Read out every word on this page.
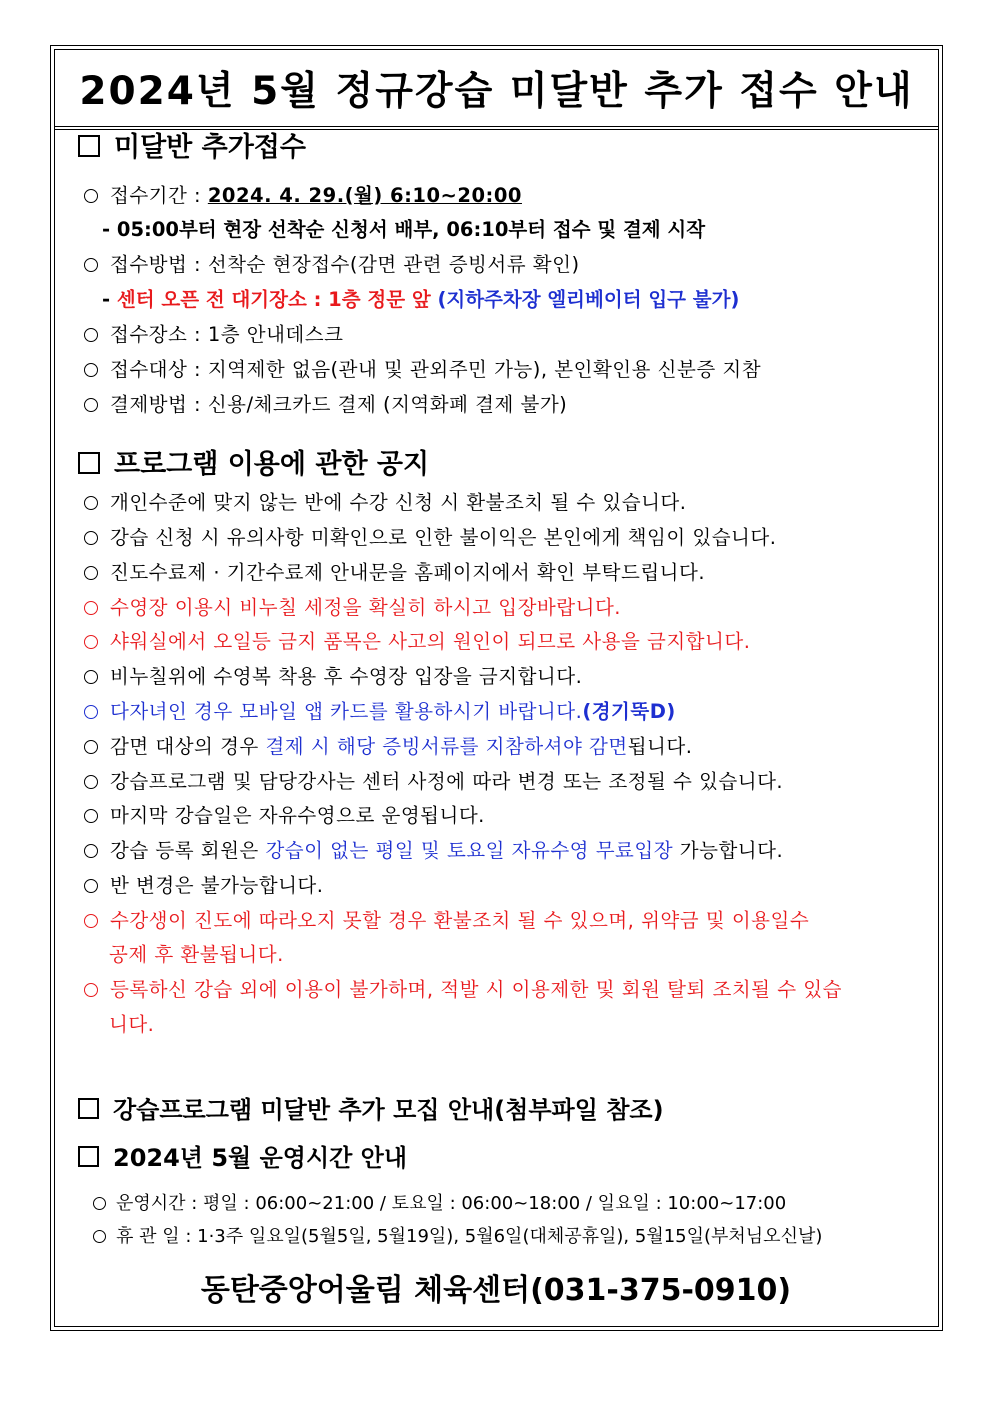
2024년 5월 정규강습 미달반 추가 접수 안내
미달반 추가접수
접수기간 : 2024. 4. 29.(월) 6:10~20:00
- 05:00부터 현장 선착순 신청서 배부, 06:10부터 접수 및 결제 시작
접수방법 : 선착순 현장접수(감면 관련 증빙서류 확인)
- 센터 오픈 전 대기장소 : 1층 정문 앞 (지하주차장 엘리베이터 입구 불가)
접수장소 : 1층 안내데스크
접수대상 : 지역제한 없음(관내 및 관외주민 가능), 본인확인용 신분증 지참
결제방법 : 신용/체크카드 결제 (지역화폐 결제 불가)
프로그램 이용에 관한 공지
개인수준에 맞지 않는 반에 수강 신청 시 환불조치 될 수 있습니다.
강습 신청 시 유의사항 미확인으로 인한 불이익은 본인에게 책임이 있습니다.
진도수료제 · 기간수료제 안내문을 홈페이지에서 확인 부탁드립니다.
수영장 이용시 비누칠 세정을 확실히 하시고 입장바랍니다.
샤워실에서 오일등 금지 품목은 사고의 원인이 되므로 사용을 금지합니다.
비누칠위에 수영복 착용 후 수영장 입장을 금지합니다.
다자녀인 경우 모바일 앱 카드를 활용하시기 바랍니다.(경기뚝D)
감면 대상의 경우 결제 시 해당 증빙서류를 지참하셔야 감면됩니다.
강습프로그램 및 담당강사는 센터 사정에 따라 변경 또는 조정될 수 있습니다.
마지막 강습일은 자유수영으로 운영됩니다.
강습 등록 회원은 강습이 없는 평일 및 토요일 자유수영 무료입장 가능합니다.
반 변경은 불가능합니다.
수강생이 진도에 따라오지 못할 경우 환불조치 될 수 있으며, 위약금 및 이용일수
공제 후 환불됩니다.
등록하신 강습 외에 이용이 불가하며, 적발 시 이용제한 및 회원 탈퇴 조치될 수 있습
니다.
강습프로그램 미달반 추가 모집 안내(첨부파일 참조)
2024년 5월 운영시간 안내
운영시간 : 평일 : 06:00~21:00 / 토요일 : 06:00~18:00 / 일요일 : 10:00~17:00
휴 관 일 : 1·3주 일요일(5월5일, 5월19일), 5월6일(대체공휴일), 5월15일(부처님오신날)
동탄중앙어울림 체육센터(031-375-0910)
